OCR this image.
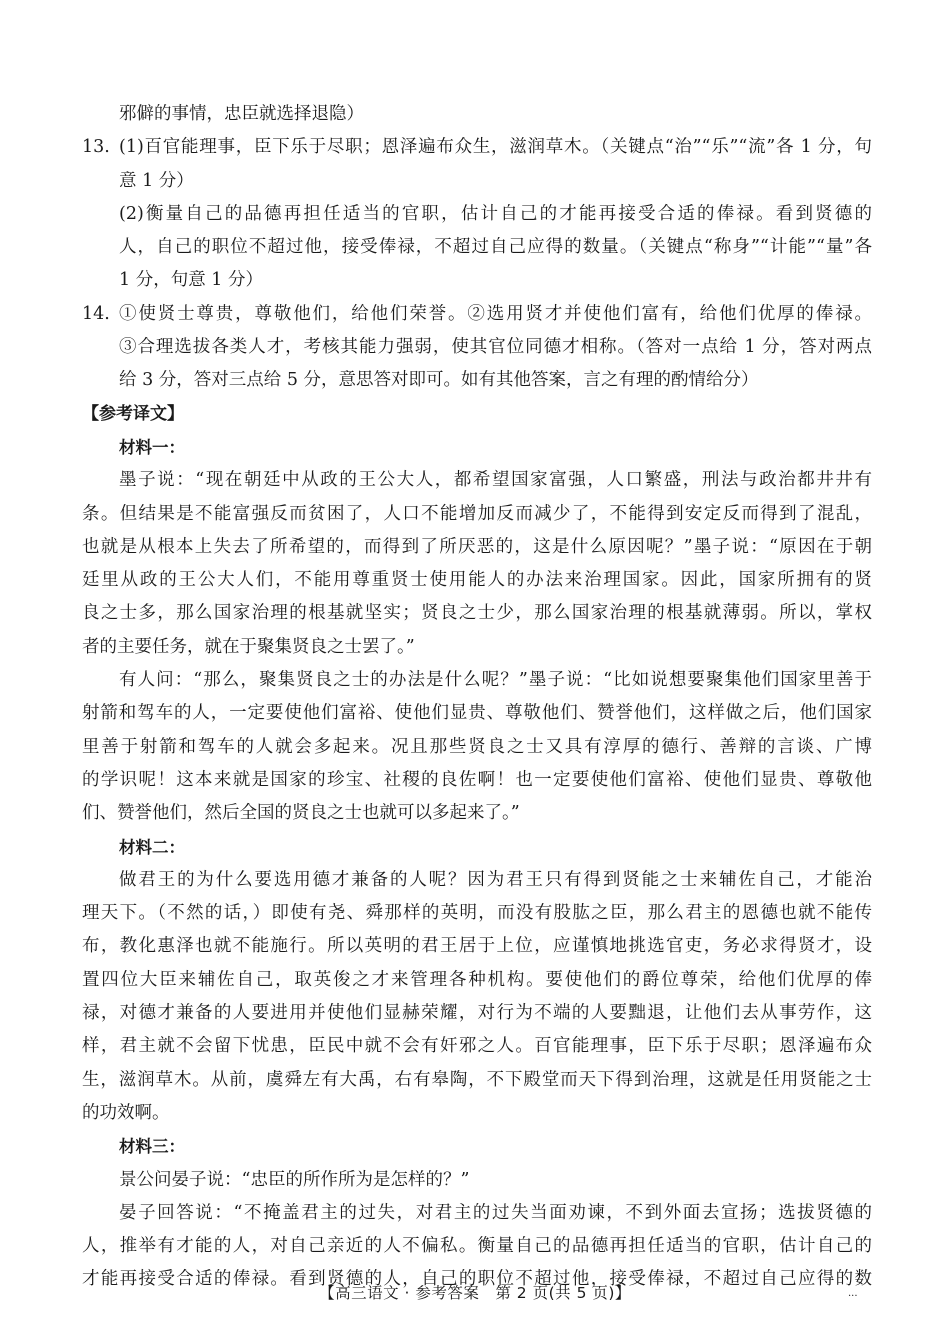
邪僻的事情，忠臣就选择退隐）
13. (1)百官能理事，臣下乐于尽职；恩泽遍布众生，滋润草木。（关键点“治”“乐”“流”各 1 分，句
意 1 分）
(2)衡量自己的品德再担任适当的官职，估计自己的才能再接受合适的俸禄。看到贤德的
人，自己的职位不超过他，接受俸禄，不超过自己应得的数量。（关键点“称身”“计能”“量”各
1 分，句意 1 分）
14. ①使贤士尊贵，尊敬他们，给他们荣誉。②选用贤才并使他们富有，给他们优厚的俸禄。
③合理选拔各类人才，考核其能力强弱，使其官位同德才相称。（答对一点给 1 分，答对两点
给 3 分，答对三点给 5 分，意思答对即可。如有其他答案，言之有理的酌情给分）
【参考译文】
材料一：
墨子说：“现在朝廷中从政的王公大人，都希望国家富强，人口繁盛，刑法与政治都井井有
条。但结果是不能富强反而贫困了，人口不能增加反而减少了，不能得到安定反而得到了混乱，
也就是从根本上失去了所希望的，而得到了所厌恶的，这是什么原因呢？”墨子说：“原因在于朝
廷里从政的王公大人们，不能用尊重贤士使用能人的办法来治理国家。因此，国家所拥有的贤
良之士多，那么国家治理的根基就坚实；贤良之士少，那么国家治理的根基就薄弱。所以，掌权
者的主要任务，就在于聚集贤良之士罢了。”
有人问：“那么，聚集贤良之士的办法是什么呢？”墨子说：“比如说想要聚集他们国家里善于
射箭和驾车的人，一定要使他们富裕、使他们显贵、尊敬他们、赞誉他们，这样做之后，他们国家
里善于射箭和驾车的人就会多起来。况且那些贤良之士又具有淳厚的德行、善辩的言谈、广博
的学识呢！这本来就是国家的珍宝、社稷的良佐啊！也一定要使他们富裕、使他们显贵、尊敬他
们、赞誉他们，然后全国的贤良之士也就可以多起来了。”
材料二：
做君王的为什么要选用德才兼备的人呢？因为君王只有得到贤能之士来辅佐自己，才能治
理天下。（不然的话，）即使有尧、舜那样的英明，而没有股肱之臣，那么君主的恩德也就不能传
布，教化惠泽也就不能施行。所以英明的君王居于上位，应谨慎地挑选官吏，务必求得贤才，设
置四位大臣来辅佐自己，取英俊之才来管理各种机构。要使他们的爵位尊荣，给他们优厚的俸
禄，对德才兼备的人要进用并使他们显赫荣耀，对行为不端的人要黜退，让他们去从事劳作，这
样，君主就不会留下忧患，臣民中就不会有奸邪之人。百官能理事，臣下乐于尽职；恩泽遍布众
生，滋润草木。从前，虞舜左有大禹，右有皋陶，不下殿堂而天下得到治理，这就是任用贤能之士
的功效啊。
材料三：
景公问晏子说：“忠臣的所作所为是怎样的？”
晏子回答说：“不掩盖君主的过失，对君主的过失当面劝谏，不到外面去宣扬；选拔贤德的
人，推举有才能的人，对自己亲近的人不偏私。衡量自己的品德再担任适当的官职，估计自己的
才能再接受合适的俸禄。看到贤德的人，自己的职位不超过他，接受俸禄，不超过自己应得的数
【高三语文 · 参考答案　第 2 页(共 5 页)】	...
